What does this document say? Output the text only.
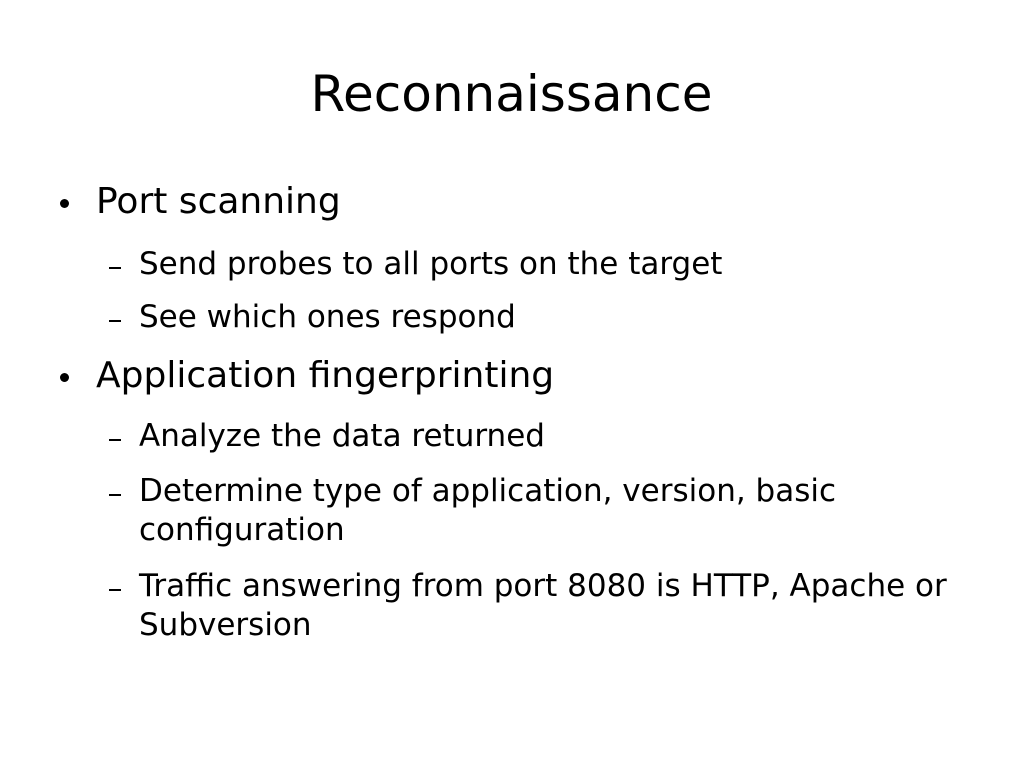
Reconnaissance
Port scanning
Send probes to all ports on the target
See which ones respond
Application fingerprinting
Analyze the data returned
Determine type of application, version, basic configuration
Traffic answering from port 8080 is HTTP, Apache or Subversion
